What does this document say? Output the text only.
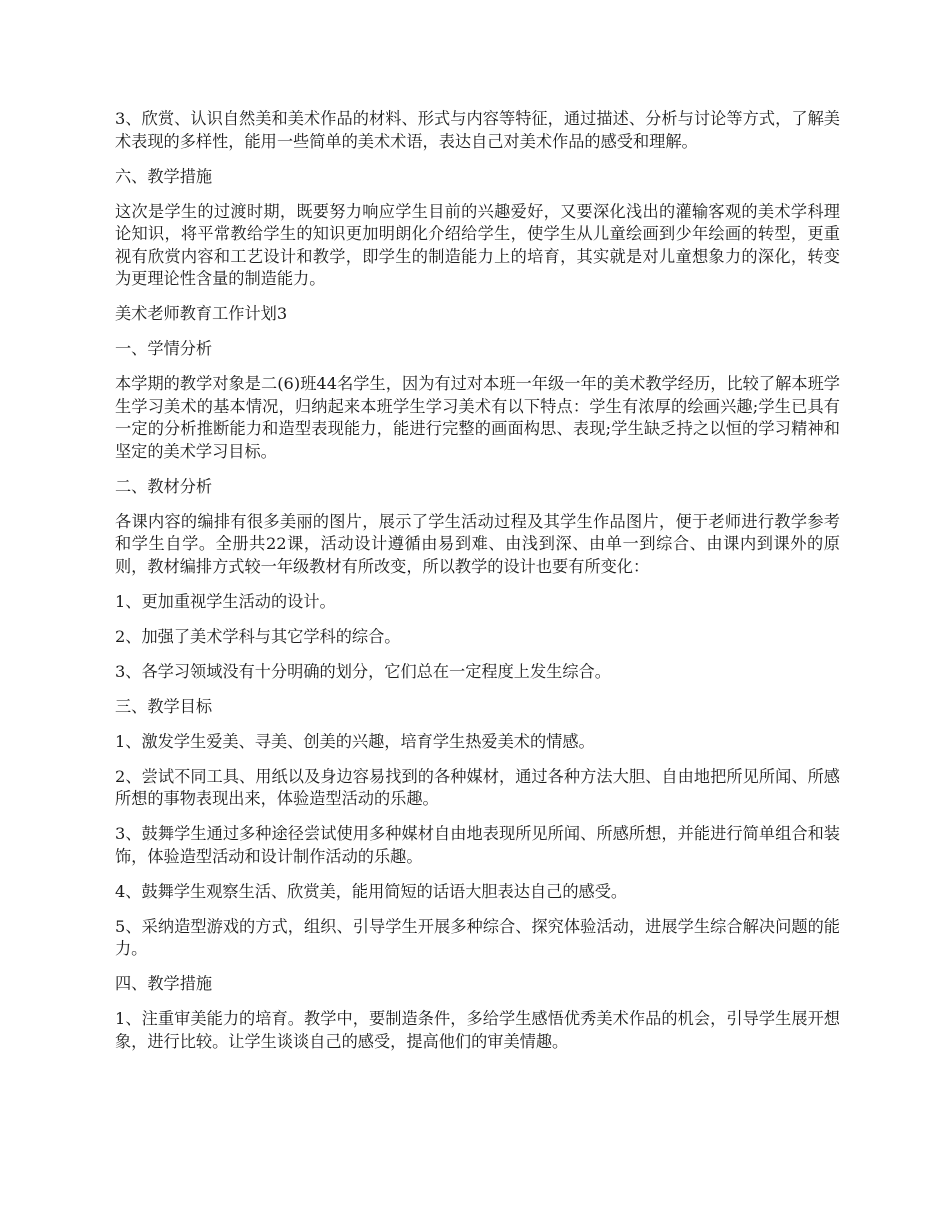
3、欣赏、认识自然美和美术作品的材料、形式与内容等特征，通过描述、分析与讨论等方式，了解美术表现的多样性，能用一些简单的美术术语，表达自己对美术作品的感受和理解。

六、教学措施

这次是学生的过渡时期，既要努力响应学生目前的兴趣爱好，又要深化浅出的灌输客观的美术学科理论知识，将平常教给学生的知识更加明朗化介绍给学生，使学生从儿童绘画到少年绘画的转型，更重视有欣赏内容和工艺设计和教学，即学生的制造能力上的培育，其实就是对儿童想象力的深化，转变为更理论性含量的制造能力。

美术老师教育工作计划3

一、学情分析

本学期的教学对象是二(6)班44名学生，因为有过对本班一年级一年的美术教学经历，比较了解本班学生学习美术的基本情况，归纳起来本班学生学习美术有以下特点：学生有浓厚的绘画兴趣;学生已具有一定的分析推断能力和造型表现能力，能进行完整的画面构思、表现;学生缺乏持之以恒的学习精神和坚定的美术学习目标。

二、教材分析

各课内容的编排有很多美丽的图片，展示了学生活动过程及其学生作品图片，便于老师进行教学参考和学生自学。全册共22课，活动设计遵循由易到难、由浅到深、由单一到综合、由课内到课外的原则，教材编排方式较一年级教材有所改变，所以教学的设计也要有所变化：

1、更加重视学生活动的设计。

2、加强了美术学科与其它学科的综合。

3、各学习领域没有十分明确的划分，它们总在一定程度上发生综合。

三、教学目标

1、激发学生爱美、寻美、创美的兴趣，培育学生热爱美术的情感。

2、尝试不同工具、用纸以及身边容易找到的各种媒材，通过各种方法大胆、自由地把所见所闻、所感所想的事物表现出来，体验造型活动的乐趣。

3、鼓舞学生通过多种途径尝试使用多种媒材自由地表现所见所闻、所感所想，并能进行简单组合和装饰，体验造型活动和设计制作活动的乐趣。

4、鼓舞学生观察生活、欣赏美，能用简短的话语大胆表达自己的感受。

5、采纳造型游戏的方式，组织、引导学生开展多种综合、探究体验活动，进展学生综合解决问题的能力。

四、教学措施

1、注重审美能力的培育。教学中，要制造条件，多给学生感悟优秀美术作品的机会，引导学生展开想象，进行比较。让学生谈谈自己的感受，提高他们的审美情趣。
